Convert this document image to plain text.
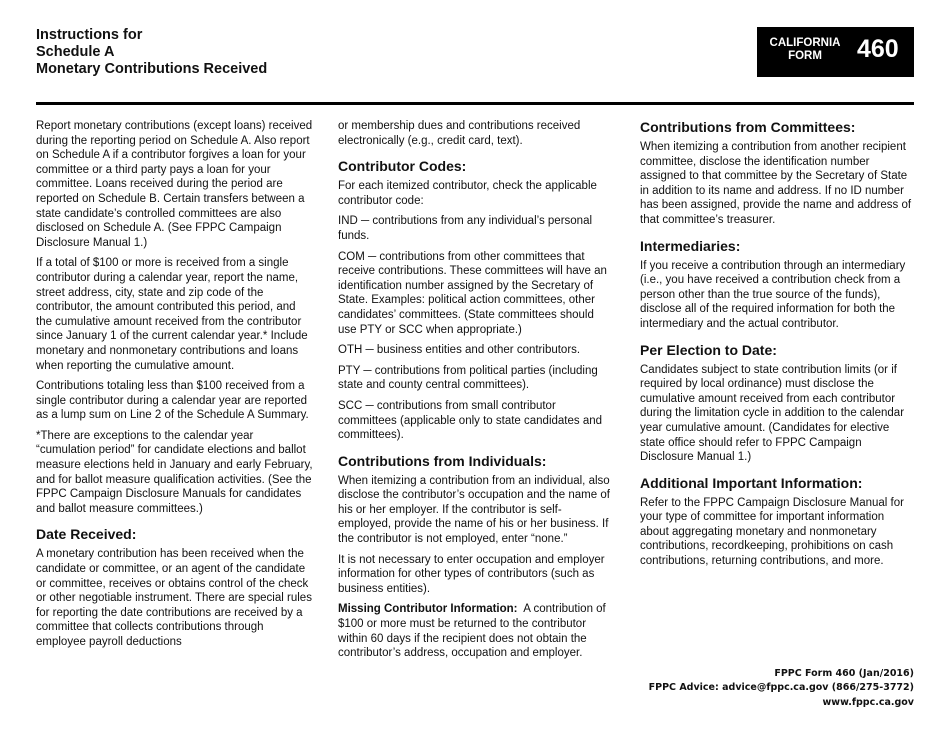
Instructions for
Schedule A
Monetary Contributions Received
CALIFORNIA
FORM	460

Report monetary contributions (except loans) received during the reporting period on Schedule A. Also report on Schedule A if a contributor forgives a loan for your committee or a third party pays a loan for your committee. Loans received during the period are reported on Schedule B. Certain transfers between a state candidate’s controlled committees are also disclosed on Schedule A. (See FPPC Campaign Disclosure Manual 1.)

If a total of $100 or more is received from a single contributor during a calendar year, report the name, street address, city, state and zip code of the contributor, the amount contributed this period, and the cumulative amount received from the contributor since January 1 of the current calendar year.* Include monetary and nonmonetary contributions and loans when reporting the cumulative amount.

Contributions totaling less than $100 received from a single contributor during a calendar year are reported as a lump sum on Line 2 of the Schedule A Summary.

*There are exceptions to the calendar year “cumulation period” for candidate elections and ballot measure elections held in January and early February, and for ballot measure qualification activities. (See the FPPC Campaign Disclosure Manuals for candidates and ballot measure committees.)

Date Received:

A monetary contribution has been received when the candidate or committee, or an agent of the candidate or committee, receives or obtains control of the check or other negotiable instrument. There are special rules for reporting the date contributions are received by a committee that collects contributions through employee payroll deductions

or membership dues and contributions received electronically (e.g., credit card, text).

Contributor Codes:

For each itemized contributor, check the applicable contributor code:

IND ─ contributions from any individual’s personal funds.

COM ─ contributions from other committees that receive contributions. These committees will have an identification number assigned by the Secretary of State. Examples: political action committees, other candidates’ committees. (State committees should use PTY or SCC when appropriate.)

OTH ─ business entities and other contributors.

PTY ─ contributions from political parties (including state and county central committees).

SCC ─ contributions from small contributor committees (applicable only to state candidates and committees).

Contributions from Individuals:

When itemizing a contribution from an individual, also disclose the contributor’s occupation and the name of his or her employer. If the contributor is self-employed, provide the name of his or her business. If the contributor is not employed, enter “none.”

It is not necessary to enter occupation and employer information for other types of contributors (such as business entities).

Missing Contributor Information: A contribution of $100 or more must be returned to the contributor within 60 days if the recipient does not obtain the contributor’s address, occupation and employer.

Contributions from Committees:

When itemizing a contribution from another recipient committee, disclose the identification number assigned to that committee by the Secretary of State in addition to its name and address. If no ID number has been assigned, provide the name and address of that committee’s treasurer.

Intermediaries:

If you receive a contribution through an intermediary (i.e., you have received a contribution check from a person other than the true source of the funds), disclose all of the required information for both the intermediary and the actual contributor.

Per Election to Date:

Candidates subject to state contribution limits (or if required by local ordinance) must disclose the cumulative amount received from each contributor during the limitation cycle in addition to the calendar year cumulative amount. (Candidates for elective state office should refer to FPPC Campaign Disclosure Manual 1.)

Additional Important Information:

Refer to the FPPC Campaign Disclosure Manual for your type of committee for important information about aggregating monetary and nonmonetary contributions, recordkeeping, prohibitions on cash contributions, returning contributions, and more.

FPPC Form 460 (Jan/2016)
FPPC Advice: advice@fppc.ca.gov (866/275-3772)
www.fppc.ca.gov
